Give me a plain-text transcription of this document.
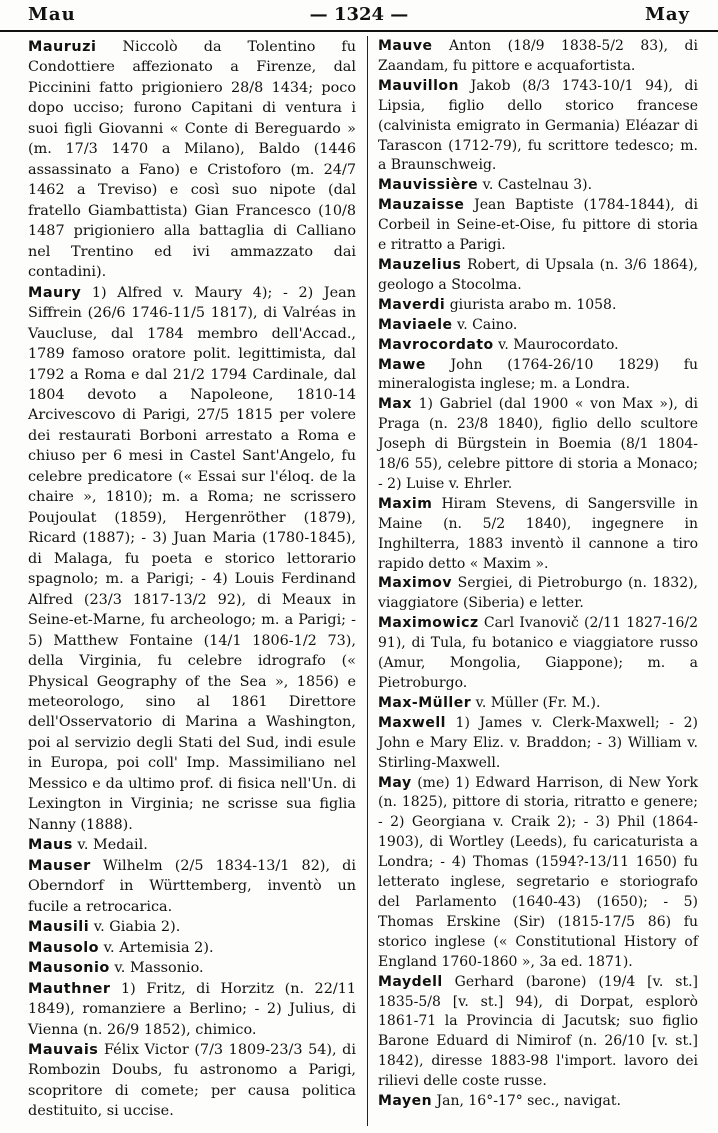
Mau	— 1324 —	May

Mauruzi Niccolò da Tolentino fu Condottiere affezionato a Firenze, dal Piccinini fatto prigioniero 28/8 1434; poco dopo ucciso; furono Capitani di ventura i suoi figli Giovanni « Conte di Bereguardo » (m. 17/3 1470 a Milano), Baldo (1446 assassinato a Fano) e Cristoforo (m. 24/7 1462 a Treviso) e così suo nipote (dal fratello Giambattista) Gian Francesco (10/8 1487 prigioniero alla battaglia di Calliano nel Trentino ed ivi ammazzato dai contadini).

Maury 1) Alfred v. Maury 4); - 2) Jean Siffrein (26/6 1746-11/5 1817), di Valréas in Vaucluse, dal 1784 membro dell'Accad., 1789 famoso oratore polit. legittimista, dal 1792 a Roma e dal 21/2 1794 Cardinale, dal 1804 devoto a Napoleone, 1810-14 Arcivescovo di Parigi, 27/5 1815 per volere dei restaurati Borboni arrestato a Roma e chiuso per 6 mesi in Castel Sant'Angelo, fu celebre predicatore (« Essai sur l'éloq. de la chaire », 1810); m. a Roma; ne scrissero Poujoulat (1859), Hergenröther (1879), Ricard (1887); - 3) Juan Maria (1780-1845), di Malaga, fu poeta e storico lettorario spagnolo; m. a Parigi; - 4) Louis Ferdinand Alfred (23/3 1817-13/2 92), di Meaux in Seine-et-Marne, fu archeologo; m. a Parigi; - 5) Matthew Fontaine (14/1 1806-1/2 73), della Virginia, fu celebre idrografo (« Physical Geography of the Sea », 1856) e meteorologo, sino al 1861 Direttore dell'Osservatorio di Marina a Washington, poi al servizio degli Stati del Sud, indi esule in Europa, poi coll' Imp. Massimiliano nel Messico e da ultimo prof. di fisica nell'Un. di Lexington in Virginia; ne scrisse sua figlia Nanny (1888).

Maus v. Medail.

Mauser Wilhelm (2/5 1834-13/1 82), di Oberndorf in Württemberg, inventò un fucile a retrocarica.

Mausili v. Giabia 2).

Mausolo v. Artemisia 2).

Mausonio v. Massonio.

Mauthner 1) Fritz, di Horzitz (n. 22/11 1849), romanziere a Berlino; - 2) Julius, di Vienna (n. 26/9 1852), chimico.

Mauvais Félix Victor (7/3 1809-23/3 54), di Rombozin Doubs, fu astronomo a Parigi, scopritore di comete; per causa politica destituito, si uccise.

Mauve Anton (18/9 1838-5/2 83), di Zaandam, fu pittore e acquafortista.

Mauvillon Jakob (8/3 1743-10/1 94), di Lipsia, figlio dello storico francese (calvinista emigrato in Germania) Eléazar di Tarascon (1712-79), fu scrittore tedesco; m. a Braunschweig.

Mauvissière v. Castelnau 3).

Mauzaisse Jean Baptiste (1784-1844), di Corbeil in Seine-et-Oise, fu pittore di storia e ritratto a Parigi.

Mauzelius Robert, di Upsala (n. 3/6 1864), geologo a Stocolma.

Maverdi giurista arabo m. 1058.

Maviaele v. Caino.

Mavrocordato v. Maurocordato.

Mawe John (1764-26/10 1829) fu mineralogista inglese; m. a Londra.

Max 1) Gabriel (dal 1900 « von Max »), di Praga (n. 23/8 1840), figlio dello scultore Joseph di Bürgstein in Boemia (8/1 1804-18/6 55), celebre pittore di storia a Monaco; - 2) Luise v. Ehrler.

Maxim Hiram Stevens, di Sangersville in Maine (n. 5/2 1840), ingegnere in Inghilterra, 1883 inventò il cannone a tiro rapido detto « Maxim ».

Maximov Sergiei, di Pietroburgo (n. 1832), viaggiatore (Siberia) e letter.

Maximowicz Carl Ivanovič (2/11 1827-16/2 91), di Tula, fu botanico e viaggiatore russo (Amur, Mongolia, Giappone); m. a Pietroburgo.

Max-Müller v. Müller (Fr. M.).

Maxwell 1) James v. Clerk-Maxwell; - 2) John e Mary Eliz. v. Braddon; - 3) William v. Stirling-Maxwell.

May (me) 1) Edward Harrison, di New York (n. 1825), pittore di storia, ritratto e genere; - 2) Georgiana v. Craik 2); - 3) Phil (1864-1903), di Wortley (Leeds), fu caricaturista a Londra; - 4) Thomas (1594?-13/11 1650) fu letterato inglese, segretario e storiografo del Parlamento (1640-43) (1650); - 5) Thomas Erskine (Sir) (1815-17/5 86) fu storico inglese (« Constitutional History of England 1760-1860 », 3a ed. 1871).

Maydell Gerhard (barone) (19/4 [v. st.] 1835-5/8 [v. st.] 94), di Dorpat, esplorò 1861-71 la Provincia di Jacutsk; suo figlio Barone Eduard di Nimirof (n. 26/10 [v. st.] 1842), diresse 1883-98 l'import. lavoro dei rilievi delle coste russe.

Mayen Jan, 16°-17° sec., navigat.
